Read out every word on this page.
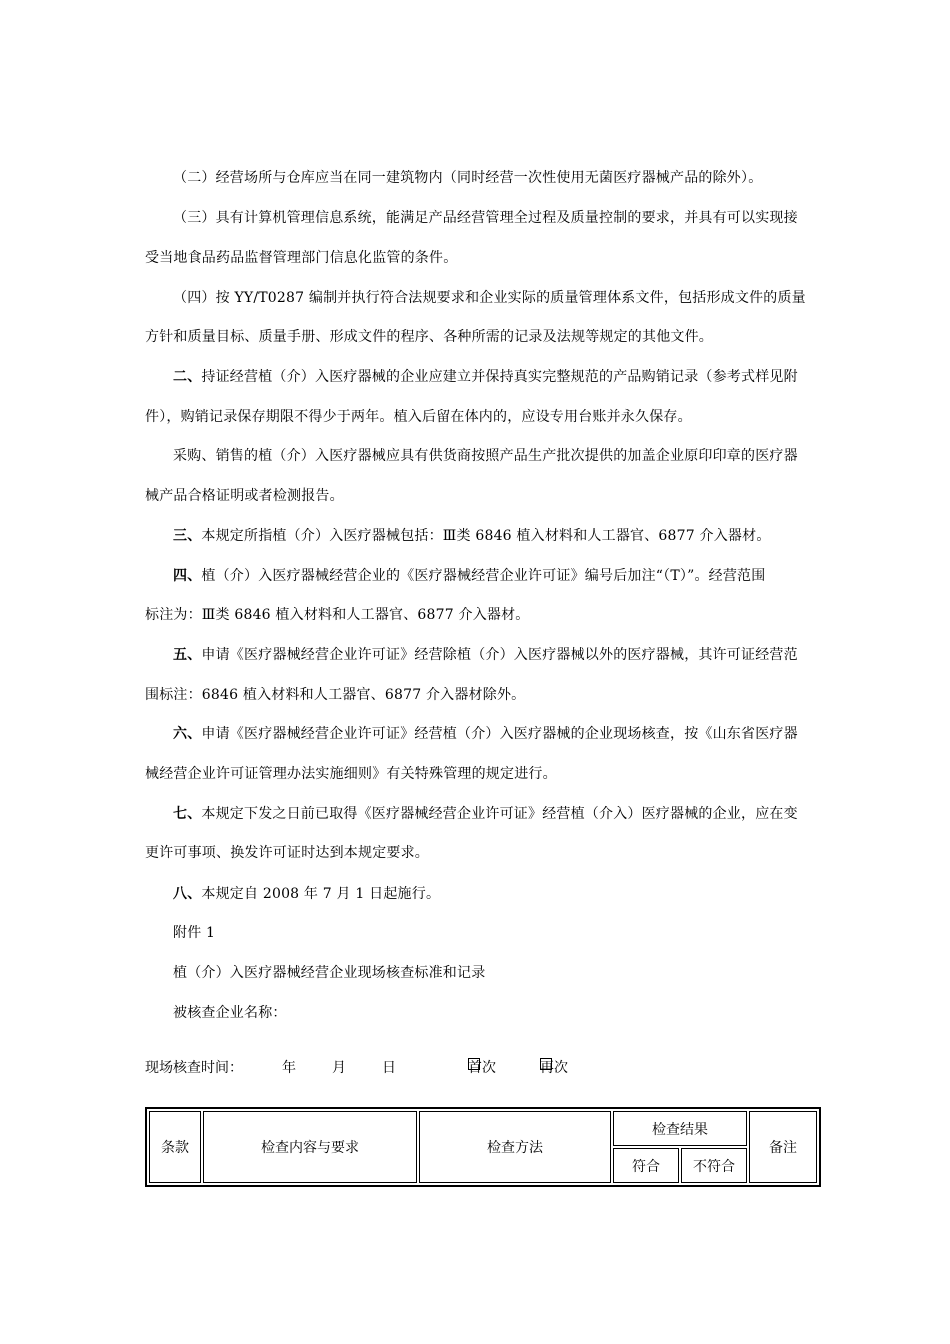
（二）经营场所与仓库应当在同一建筑物内（同时经营一次性使用无菌医疗器械产品的除外）。
（三）具有计算机管理信息系统，能满足产品经营管理全过程及质量控制的要求，并具有可以实现接
受当地食品药品监督管理部门信息化监管的条件。
（四）按 YY/T0287 编制并执行符合法规要求和企业实际的质量管理体系文件，包括形成文件的质量
方针和质量目标、质量手册、形成文件的程序、各种所需的记录及法规等规定的其他文件。
二、持证经营植（介）入医疗器械的企业应建立并保持真实完整规范的产品购销记录（参考式样见附
件），购销记录保存期限不得少于两年。植入后留在体内的，应设专用台账并永久保存。
采购、销售的植（介）入医疗器械应具有供货商按照产品生产批次提供的加盖企业原印印章的医疗器
械产品合格证明或者检测报告。
三、本规定所指植（介）入医疗器械包括：Ⅲ类 6846 植入材料和人工器官、6877 介入器材。
四、植（介）入医疗器械经营企业的《医疗器械经营企业许可证》编号后加注“（T）”。经营范围
标注为：Ⅲ类 6846 植入材料和人工器官、6877 介入器材。
五、申请《医疗器械经营企业许可证》经营除植（介）入医疗器械以外的医疗器械，其许可证经营范
围标注：6846 植入材料和人工器官、6877 介入器材除外。
六、申请《医疗器械经营企业许可证》经营植（介）入医疗器械的企业现场核查，按《山东省医疗器
械经营企业许可证管理办法实施细则》有关特殊管理的规定进行。
七、本规定下发之日前已取得《医疗器械经营企业许可证》经营植（介入）医疗器械的企业，应在变
更许可事项、换发许可证时达到本规定要求。
八、本规定自 2008 年 7 月 1 日起施行。
附件 1
植（介）入医疗器械经营企业现场核查标准和记录
被核查企业名称：
现场核查时间：	年	月	日	首次	再次
条款	检查内容与要求	检查方法	检查结果		备注
			符合	不符合	
